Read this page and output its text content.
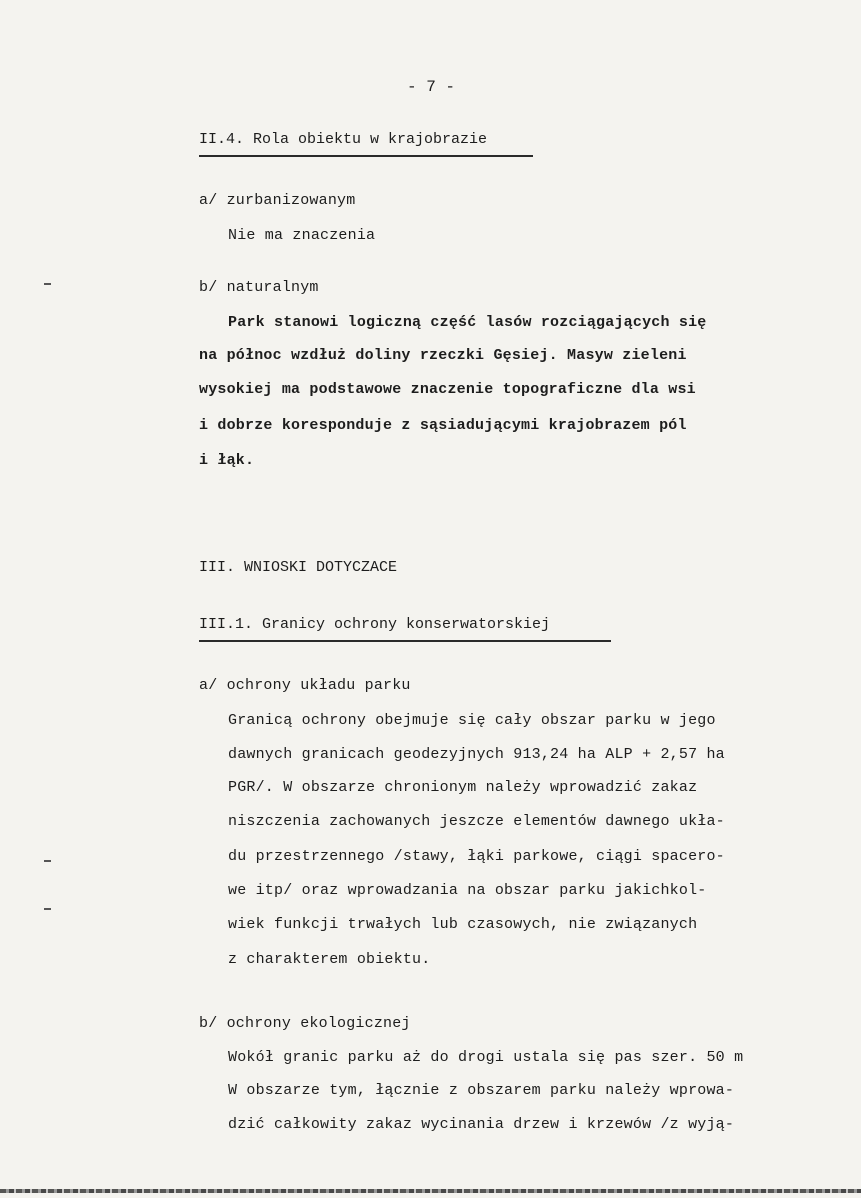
- 7 -
II.4. Rola obiektu w krajobrazie
a/ zurbanizowanym
Nie ma znaczenia
b/ naturalnym
Park stanowi logiczną część lasów rozciągających się
na północ wzdłuż doliny rzeczki Gęsiej. Masyw zieleni
wysokiej ma podstawowe znaczenie topograficzne dla wsi
i dobrze koresponduje z sąsiadującymi krajobrazem pól
i łąk.
III. WNIOSKI DOTYCZACE
III.1. Granicy ochrony konserwatorskiej
a/ ochrony układu parku
Granicą ochrony obejmuje się cały obszar parku w jego
dawnych granicach geodezyjnych 913,24 ha ALP + 2,57 ha
PGR/. W obszarze chronionym należy wprowadzić zakaz
niszczenia zachowanych jeszcze elementów dawnego ukła-
du przestrzennego /stawy, łąki parkowe, ciągi spacero-
we itp/ oraz wprowadzania na obszar parku jakichkol-
wiek funkcji trwałych lub czasowych, nie związanych
z charakterem obiektu.
b/ ochrony ekologicznej
Wokół granic parku aż do drogi ustala się pas szer. 50 m
W obszarze tym, łącznie z obszarem parku należy wprowa-
dzić całkowity zakaz wycinania drzew i krzewów /z wyją-
